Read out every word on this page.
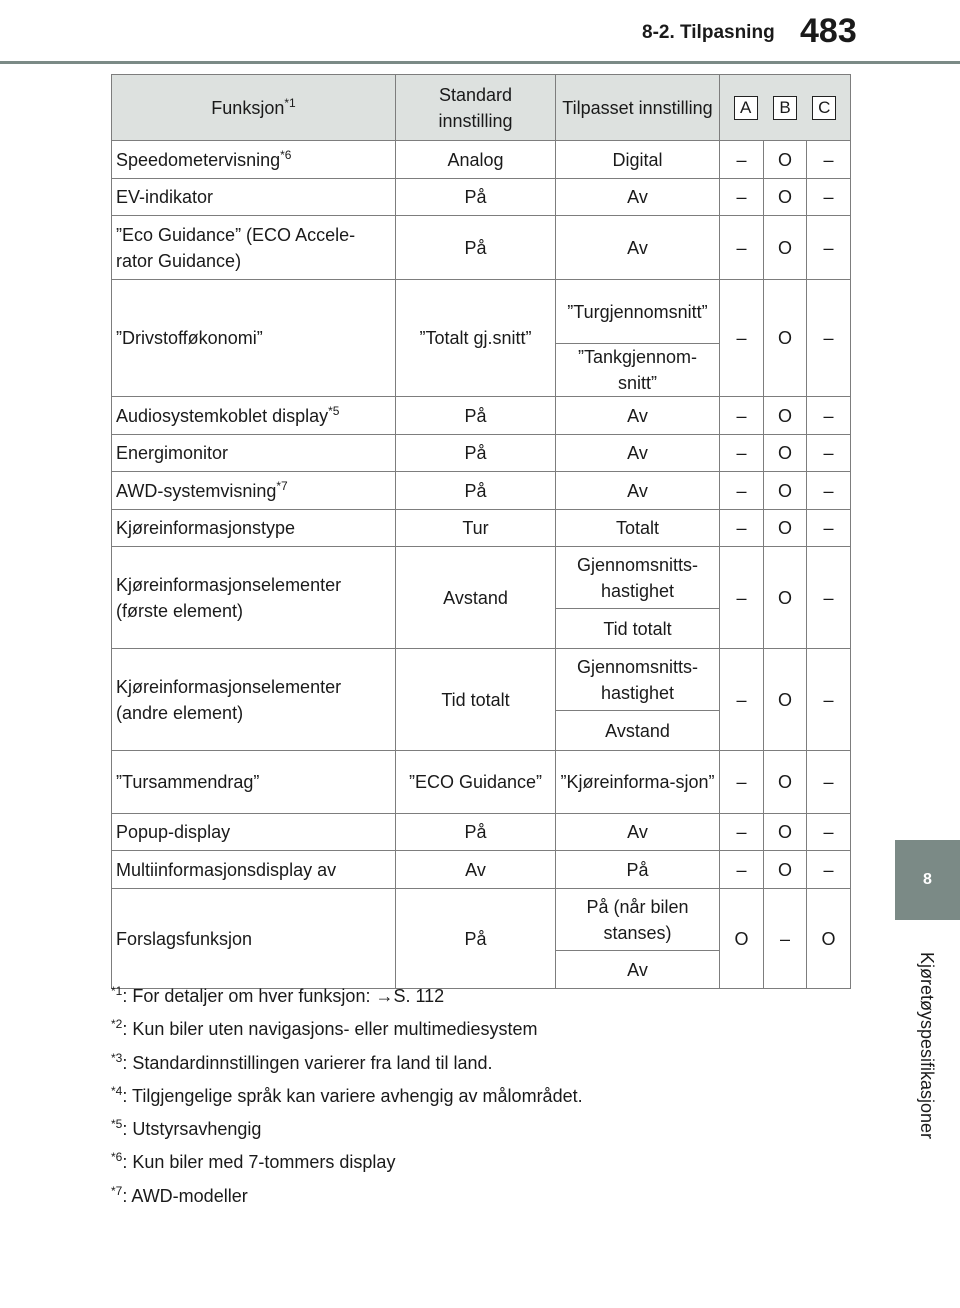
8-2. Tilpasning 483
8
Kjøretøyspesifikasjoner
Funksjon$^{*1}$	Standard innstilling	Tilpasset innstilling	A B C		

Speedometervisning$^{*6}$	Analog	Digital	–	O	–
EV-indikator	På	Av	–	O	–
”Eco Guidance” (ECO Accele-rator Guidance)	På	Av	–	O	–
”Drivstofføkonomi”	”Totalt gj.snitt”	”Turgjennomsnitt”	–	O	–
		”Tankgjennom-snitt”			
Audiosystemkoblet display$^{*5}$	På	Av	–	O	–
Energimonitor	På	Av	–	O	–
AWD-systemvisning$^{*7}$	På	Av	–	O	–
Kjøreinformasjonstype	Tur	Totalt	–	O	–
Kjøreinformasjonselementer (første element)	Avstand	Gjennomsnitts-hastighet	–	O	–
		Tid totalt			
Kjøreinformasjonselementer (andre element)	Tid totalt	Gjennomsnitts-hastighet	–	O	–
		Avstand			
”Tursammendrag”	”ECO Guidance”	”Kjøreinforma-sjon”	–	O	–
Popup-display	På	Av	–	O	–
Multiinformasjonsdisplay av	Av	På	–	O	–
Forslagsfunksjon	På	På (når bilen stanses)	O	–	O
		Av			
$^{*1}$: For detaljer om hver funksjon: →S. 112
$^{*2}$: Kun biler uten navigasjons- eller multimediesystem
$^{*3}$: Standardinnstillingen varierer fra land til land.
$^{*4}$: Tilgjengelige språk kan variere avhengig av målområdet.
$^{*5}$: Utstyrsavhengig
$^{*6}$: Kun biler med 7-tommers display
$^{*7}$: AWD-modeller
